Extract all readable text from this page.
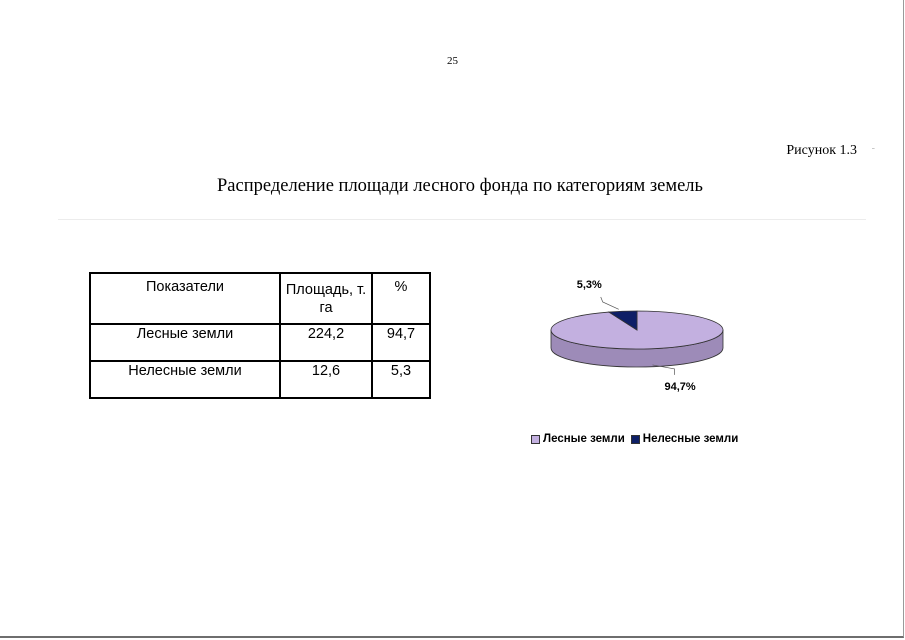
25
Рисунок 1.3 -
Распределение площади лесного фонда по категориям земель
Показатели	Площадь, т. га	%
Лесные земли	224,2	94,7
Нелесные земли	12,6	5,3
5,3%
94,7%
Лесные земли Нелесные земли
